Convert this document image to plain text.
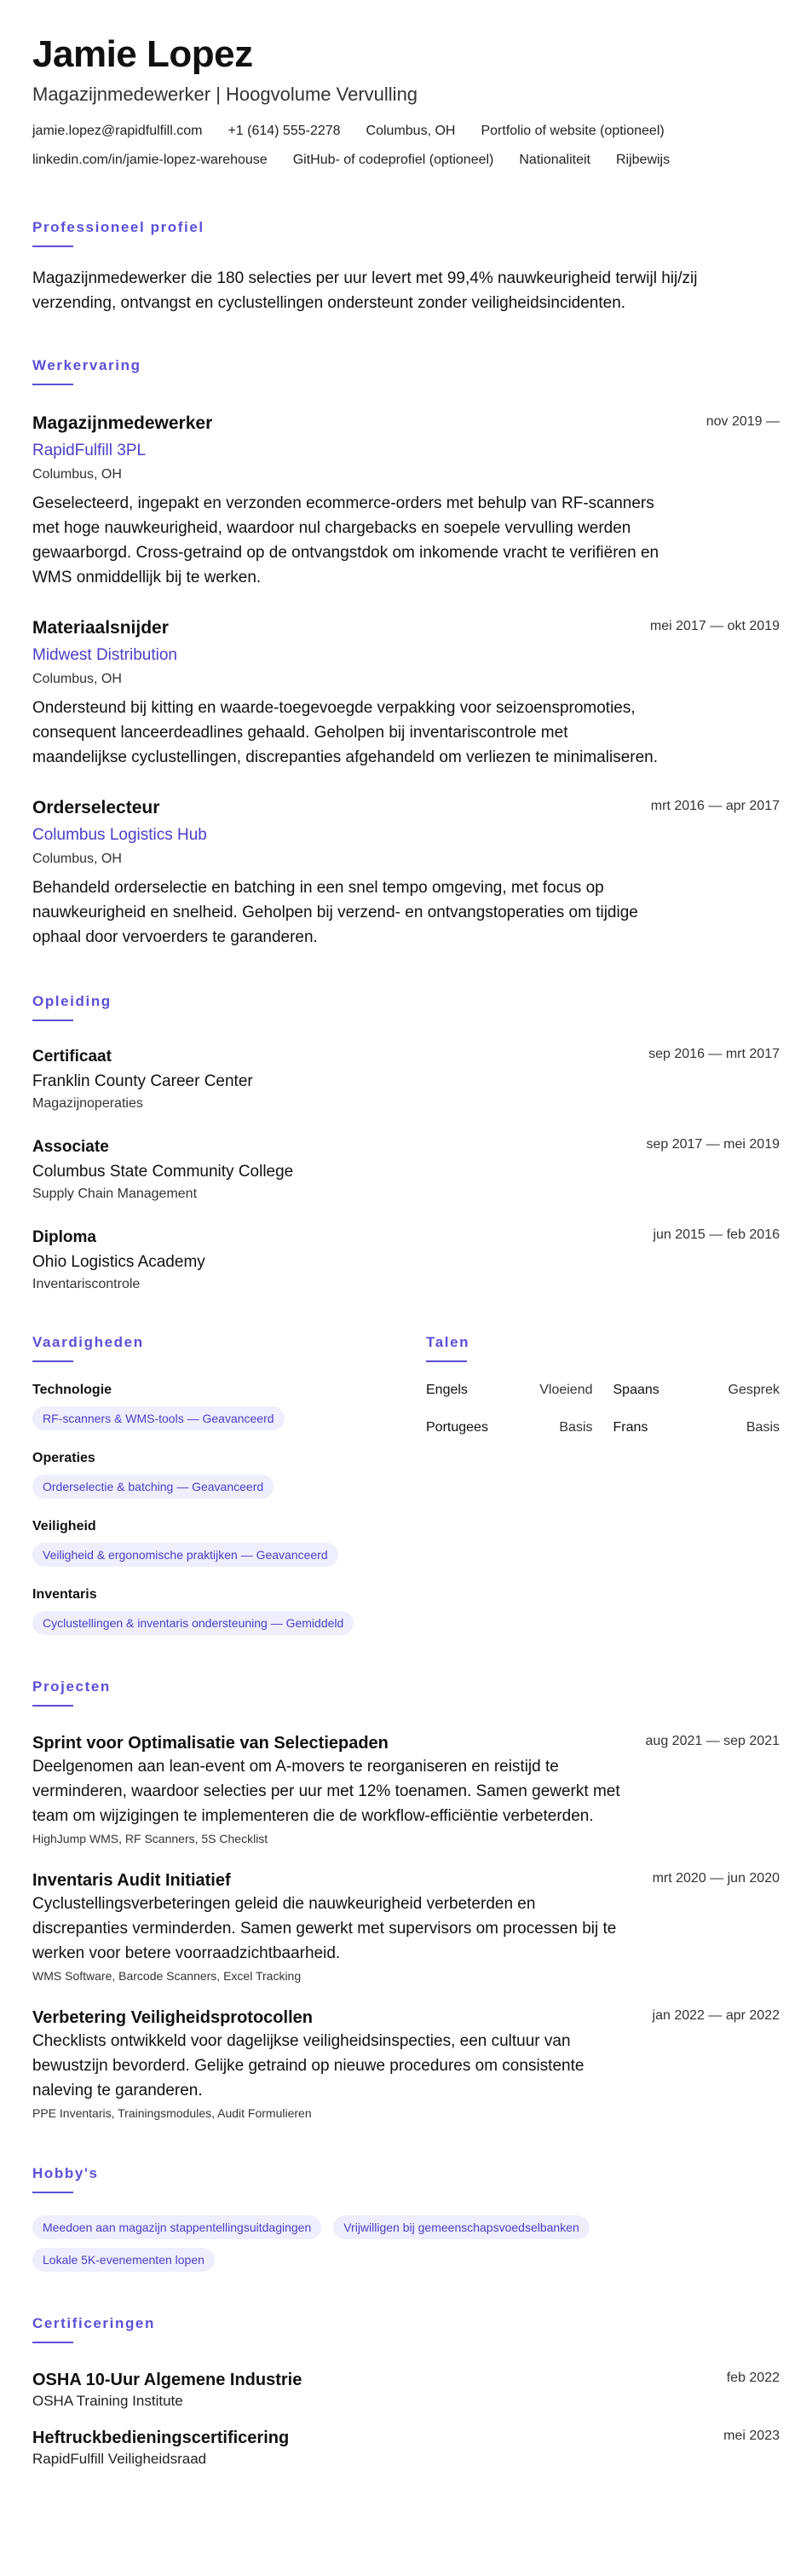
Jamie Lopez
Magazijnmedewerker | Hoogvolume Vervulling
jamie.lopez@rapidfulfill.com +1 (614) 555-2278 Columbus, OH Portfolio of website (optioneel)
linkedin.com/in/jamie-lopez-warehouse GitHub- of codeprofiel (optioneel) Nationaliteit Rijbewijs
Professioneel profiel

Magazijnmedewerker die 180 selecties per uur levert met 99,4% nauwkeurigheid terwijl hij/zij verzending, ontvangst en cyclustellingen ondersteunt zonder veiligheidsincidenten.

Werkervaring
Magazijnmedewerker	nov 2019 —
RapidFulfill 3PL
Columbus, OH

Geselecteerd, ingepakt en verzonden ecommerce-orders met behulp van RF-scanners met hoge nauwkeurigheid, waardoor nul chargebacks en soepele vervulling werden gewaarborgd. Cross-getraind op de ontvangstdok om inkomende vracht te verifiëren en WMS onmiddellijk bij te werken.

Materiaalsnijder	mei 2017 — okt 2019
Midwest Distribution
Columbus, OH

Ondersteund bij kitting en waarde-toegevoegde verpakking voor seizoenspromoties, consequent lanceerdeadlines gehaald. Geholpen bij inventariscontrole met maandelijkse cyclustellingen, discrepanties afgehandeld om verliezen te minimaliseren.

Orderselecteur	mrt 2016 — apr 2017
Columbus Logistics Hub
Columbus, OH

Behandeld orderselectie en batching in een snel tempo omgeving, met focus op nauwkeurigheid en snelheid. Geholpen bij verzend- en ontvangstoperaties om tijdige ophaal door vervoerders te garanderen.

Opleiding
Certificaat	sep 2016 — mrt 2017
Franklin County Career Center
Magazijnoperaties
Associate	sep 2017 — mei 2019
Columbus State Community College
Supply Chain Management
Diploma	jun 2015 — feb 2016
Ohio Logistics Academy
Inventariscontrole
Vaardigheden
Technologie
RF-scanners & WMS-tools — Geavanceerd
Operaties
Orderselectie & batching — Geavanceerd
Veiligheid
Veiligheid & ergonomische praktijken — Geavanceerd
Inventaris
Cyclustellingen & inventaris ondersteuning — Gemiddeld
Talen
Engels	Vloeiend Spaans	Gesprek
Portugees	Basis Frans	Basis
Projecten
Sprint voor Optimalisatie van Selectiepaden	aug 2021 — sep 2021

Deelgenomen aan lean-event om A-movers te reorganiseren en reistijd te verminderen, waardoor selecties per uur met 12% toenamen. Samen gewerkt met team om wijzigingen te implementeren die de workflow-efficiëntie verbeterden.

HighJump WMS, RF Scanners, 5S Checklist
Inventaris Audit Initiatief	mrt 2020 — jun 2020

Cyclustellingsverbeteringen geleid die nauwkeurigheid verbeterden en discrepanties verminderden. Samen gewerkt met supervisors om processen bij te werken voor betere voorraadzichtbaarheid.

WMS Software, Barcode Scanners, Excel Tracking
Verbetering Veiligheidsprotocollen	jan 2022 — apr 2022

Checklists ontwikkeld voor dagelijkse veiligheidsinspecties, een cultuur van bewustzijn bevorderd. Gelijke getraind op nieuwe procedures om consistente naleving te garanderen.

PPE Inventaris, Trainingsmodules, Audit Formulieren
Hobby's
Meedoen aan magazijn stappentellingsuitdagingen	Vrijwilligen bij gemeenschapsvoedselbanken
Lokale 5K-evenementen lopen
Certificeringen
OSHA 10-Uur Algemene Industrie	feb 2022
OSHA Training Institute
Heftruckbedieningscertificering	mei 2023
RapidFulfill Veiligheidsraad
